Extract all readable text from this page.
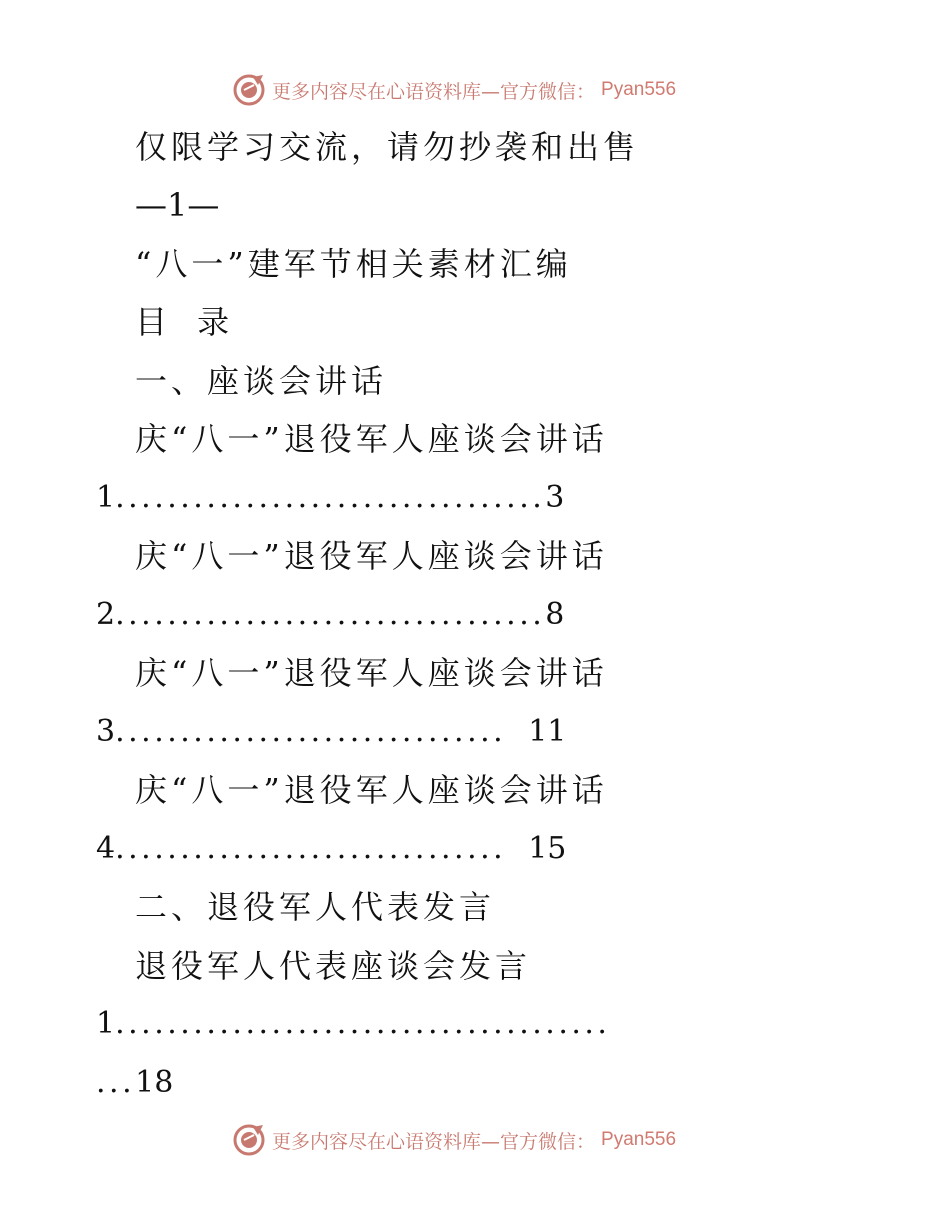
更多内容尽在心语资料库—官方微信： Pyan556
仅限学习交流，请勿抄袭和出售
—1—
“八一”建军节相关素材汇编
目 录
一、座谈会讲话
庆“八一”退役军人座谈会讲话
1.................................3
庆“八一”退役军人座谈会讲话
2.................................8
庆“八一”退役军人座谈会讲话
3.............................. 11
庆“八一”退役军人座谈会讲话
4.............................. 15
二、退役军人代表发言
退役军人代表座谈会发言
1......................................
...18
更多内容尽在心语资料库—官方微信： Pyan556
